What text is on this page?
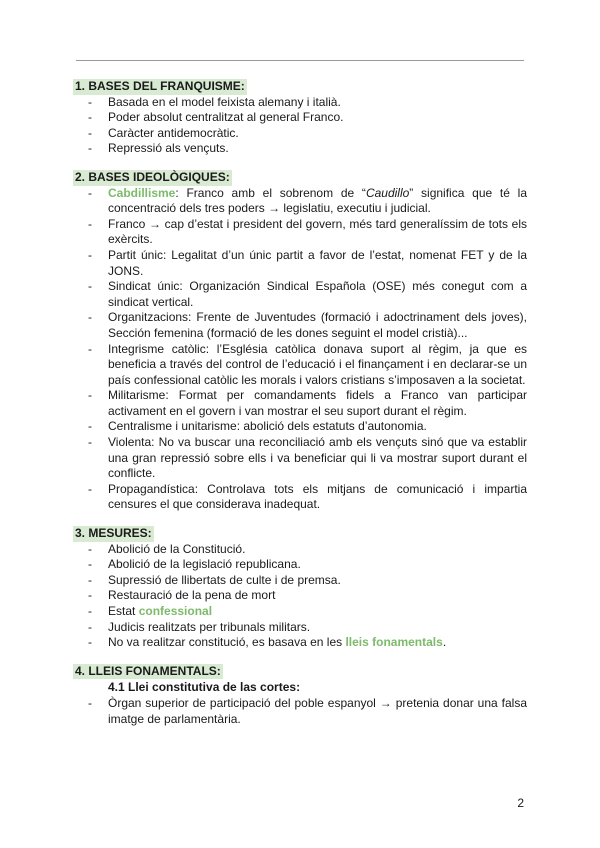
1. BASES DEL FRANQUISME:
- Basada en el model feixista alemany i italià.
- Poder absolut centralitzat al general Franco.
- Caràcter antidemocràtic.
- Repressió als vençuts.
2. BASES IDEOLÒGIQUES:
- Cabdillisme: Franco amb el sobrenom de “Caudillo” significa que té la concentració dels tres poders → legislatiu, executiu i judicial.
- Franco → cap d’estat i president del govern, més tard generalíssim de tots els exèrcits.
- Partit únic: Legalitat d’un únic partit a favor de l’estat, nomenat FET y de la JONS.
- Sindicat únic: Organización Sindical Española (OSE) més conegut com a sindicat vertical.
- Organitzacions: Frente de Juventudes (formació i adoctrinament dels joves), Sección femenina (formació de les dones seguint el model cristià)...
- Integrisme catòlic: l’Església catòlica donava suport al règim, ja que es beneficia a través del control de l’educació i el finançament i en declarar-se un país confessional catòlic les morals i valors cristians s’imposaven a la societat.
- Militarisme: Format per comandaments fidels a Franco van participar activament en el govern i van mostrar el seu suport durant el règim.
- Centralisme i unitarisme: abolició dels estatuts d’autonomia.
- Violenta: No va buscar una reconciliació amb els vençuts sinó que va establir una gran repressió sobre ells i va beneficiar qui li va mostrar suport durant el conflicte.
- Propagandística: Controlava tots els mitjans de comunicació i impartia censures el que considerava inadequat.
3. MESURES:
- Abolició de la Constitució.
- Abolició de la legislació republicana.
- Supressió de llibertats de culte i de premsa.
- Restauració de la pena de mort
- Estat confessional
- Judicis realitzats per tribunals militars.
- No va realitzar constitució, es basava en les lleis fonamentals.
4. LLEIS FONAMENTALS:
4.1 Llei constitutiva de las cortes:
- Òrgan superior de participació del poble espanyol → pretenia donar una falsa imatge de parlamentària.
2
